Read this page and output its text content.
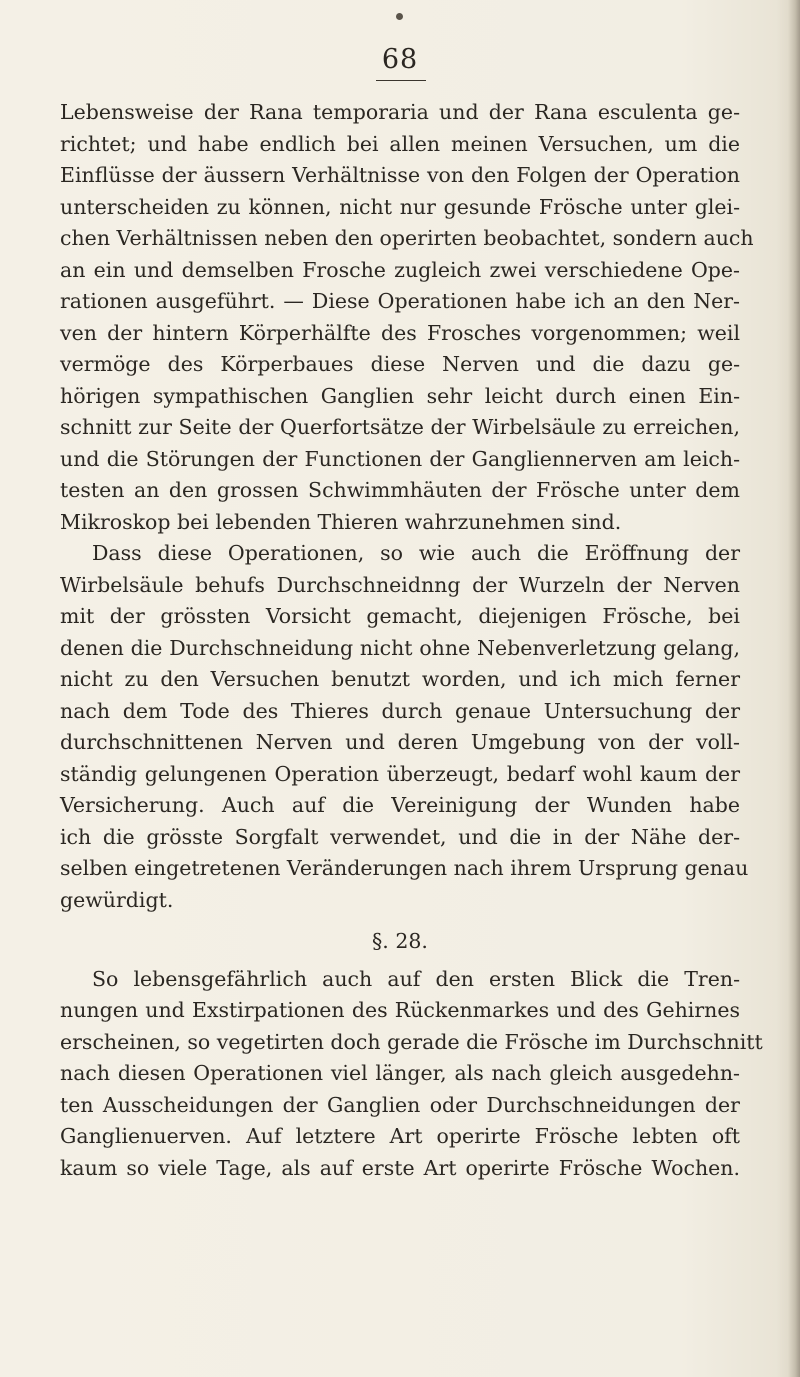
68
Lebensweise der Rana temporaria und der Rana esculenta ge-
richtet; und habe endlich bei allen meinen Versuchen, um die
Einflüsse der äussern Verhältnisse von den Folgen der Operation
unterscheiden zu können, nicht nur gesunde Frösche unter glei-
chen Verhältnissen neben den operirten beobachtet, sondern auch
an ein und demselben Frosche zugleich zwei verschiedene Ope-
rationen ausgeführt. — Diese Operationen habe ich an den Ner-
ven der hintern Körperhälfte des Frosches vorgenommen; weil
vermöge des Körperbaues diese Nerven und die dazu ge-
hörigen sympathischen Ganglien sehr leicht durch einen Ein-
schnitt zur Seite der Querfortsätze der Wirbelsäule zu erreichen,
und die Störungen der Functionen der Gangliennerven am leich-
testen an den grossen Schwimmhäuten der Frösche unter dem
Mikroskop bei lebenden Thieren wahrzunehmen sind.
Dass diese Operationen, so wie auch die Eröffnung der
Wirbelsäule behufs Durchschneidnng der Wurzeln der Nerven
mit der grössten Vorsicht gemacht, diejenigen Frösche, bei
denen die Durchschneidung nicht ohne Nebenverletzung gelang,
nicht zu den Versuchen benutzt worden, und ich mich ferner
nach dem Tode des Thieres durch genaue Untersuchung der
durchschnittenen Nerven und deren Umgebung von der voll-
ständig gelungenen Operation überzeugt, bedarf wohl kaum der
Versicherung. Auch auf die Vereinigung der Wunden habe
ich die grösste Sorgfalt verwendet, und die in der Nähe der-
selben eingetretenen Veränderungen nach ihrem Ursprung genau
gewürdigt.
§. 28.
So lebensgefährlich auch auf den ersten Blick die Tren-
nungen und Exstirpationen des Rückenmarkes und des Gehirnes
erscheinen, so vegetirten doch gerade die Frösche im Durchschnitt
nach diesen Operationen viel länger, als nach gleich ausgedehn-
ten Ausscheidungen der Ganglien oder Durchschneidungen der
Ganglienuerven. Auf letztere Art operirte Frösche lebten oft
kaum so viele Tage, als auf erste Art operirte Frösche Wochen.
